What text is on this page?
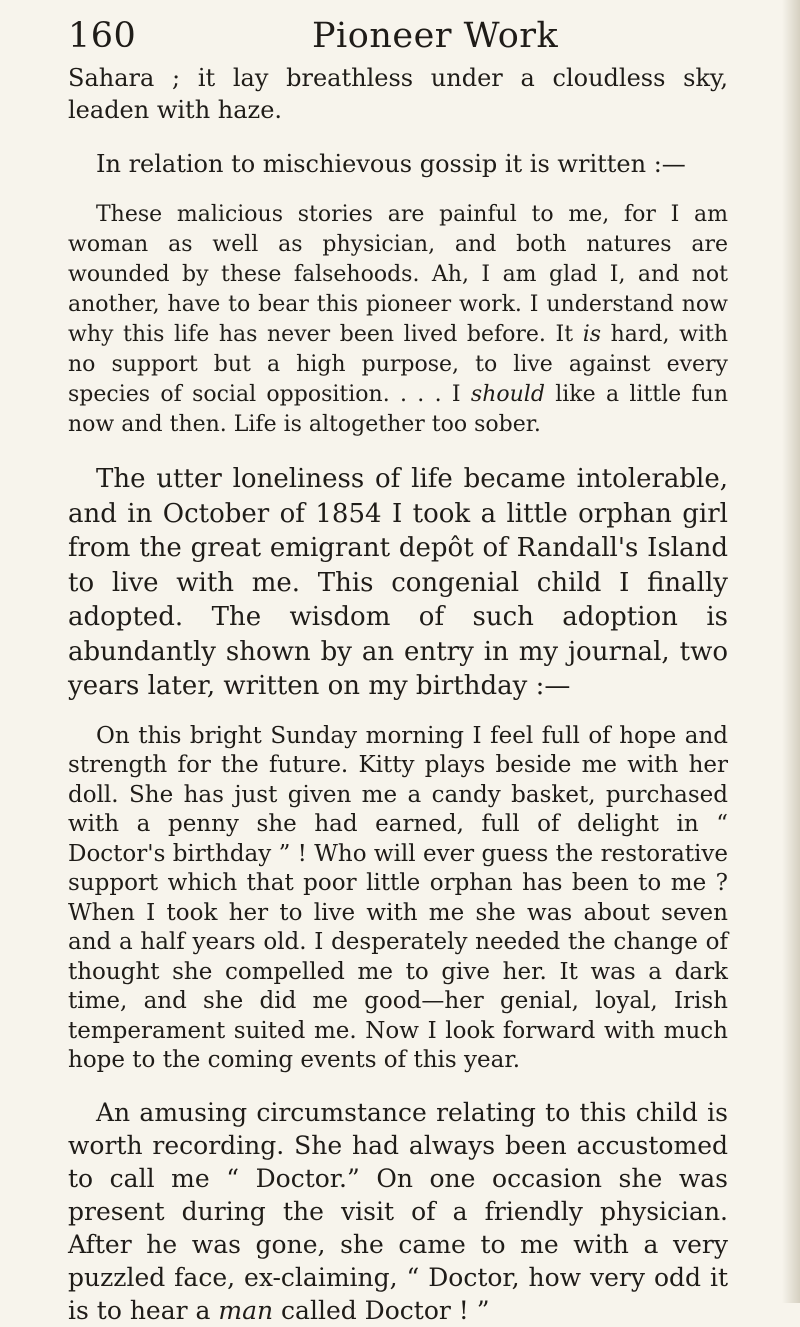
160	Pioneer Work

Sahara ; it lay breathless under a cloudless sky, leaden with haze.

In relation to mischievous gossip it is written :—

These malicious stories are painful to me, for I am woman as well as physician, and both natures are wounded by these falsehoods. Ah, I am glad I, and not another, have to bear this pioneer work. I understand now why this life has never been lived before. It is hard, with no support but a high purpose, to live against every species of social opposition. . . . I should like a little fun now and then. Life is altogether too sober.

The utter loneliness of life became intolerable, and in October of 1854 I took a little orphan girl from the great emigrant depôt of Randall's Island to live with me. This congenial child I finally adopted. The wisdom of such adoption is abundantly shown by an entry in my journal, two years later, written on my birthday :—

On this bright Sunday morning I feel full of hope and strength for the future. Kitty plays beside me with her doll. She has just given me a candy basket, purchased with a penny she had earned, full of delight in “ Doctor's birthday ” ! Who will ever guess the restorative support which that poor little orphan has been to me ? When I took her to live with me she was about seven and a half years old. I desperately needed the change of thought she compelled me to give her. It was a dark time, and she did me good—her genial, loyal, Irish temperament suited me. Now I look forward with much hope to the coming events of this year.

An amusing circumstance relating to this child is worth recording. She had always been accustomed to call me “ Doctor.” On one occasion she was present during the visit of a friendly physician. After he was gone, she came to me with a very puzzled face, ex-claiming, “ Doctor, how very odd it is to hear a man called Doctor ! ”
